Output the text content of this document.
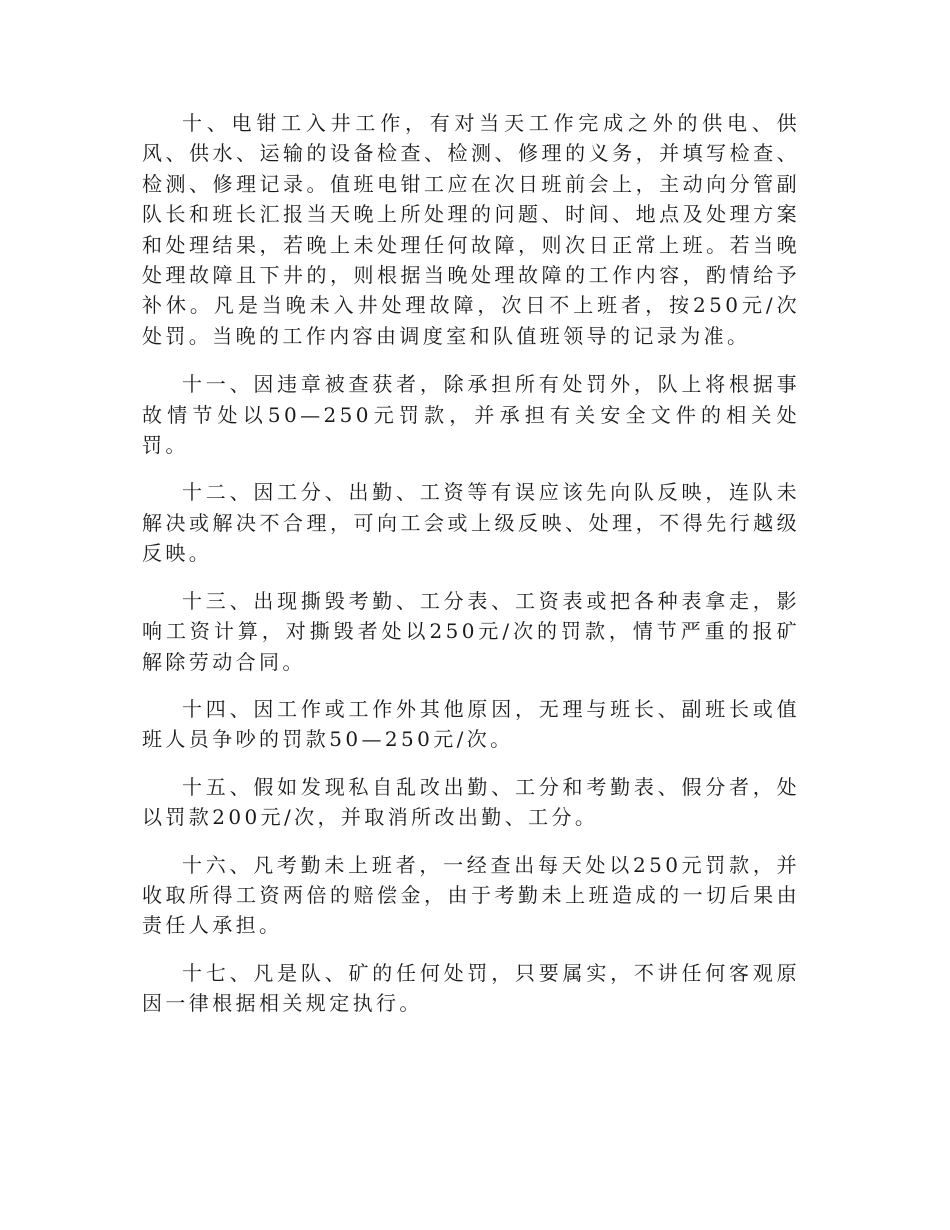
十、电钳工入井工作，有对当天工作完成之外的供电、供风、供水、运输的设备检查、检测、修理的义务，并填写检查、检测、修理记录。值班电钳工应在次日班前会上，主动向分管副队长和班长汇报当天晚上所处理的问题、时间、地点及处理方案和处理结果，若晚上未处理任何故障，则次日正常上班。若当晚处理故障且下井的，则根据当晚处理故障的工作内容，酌情给予补休。凡是当晚未入井处理故障，次日不上班者，按250元/次处罚。当晚的工作内容由调度室和队值班领导的记录为准。

十一、因违章被查获者，除承担所有处罚外，队上将根据事故情节处以50—250元罚款，并承担有关安全文件的相关处罚。

十二、因工分、出勤、工资等有误应该先向队反映，连队未解决或解决不合理，可向工会或上级反映、处理，不得先行越级反映。

十三、出现撕毁考勤、工分表、工资表或把各种表拿走，影响工资计算，对撕毁者处以250元/次的罚款，情节严重的报矿解除劳动合同。

十四、因工作或工作外其他原因，无理与班长、副班长或值班人员争吵的罚款50—250元/次。

十五、假如发现私自乱改出勤、工分和考勤表、假分者，处以罚款200元/次，并取消所改出勤、工分。

十六、凡考勤未上班者，一经查出每天处以250元罚款，并收取所得工资两倍的赔偿金，由于考勤未上班造成的一切后果由责任人承担。

十七、凡是队、矿的任何处罚，只要属实，不讲任何客观原因一律根据相关规定执行。
